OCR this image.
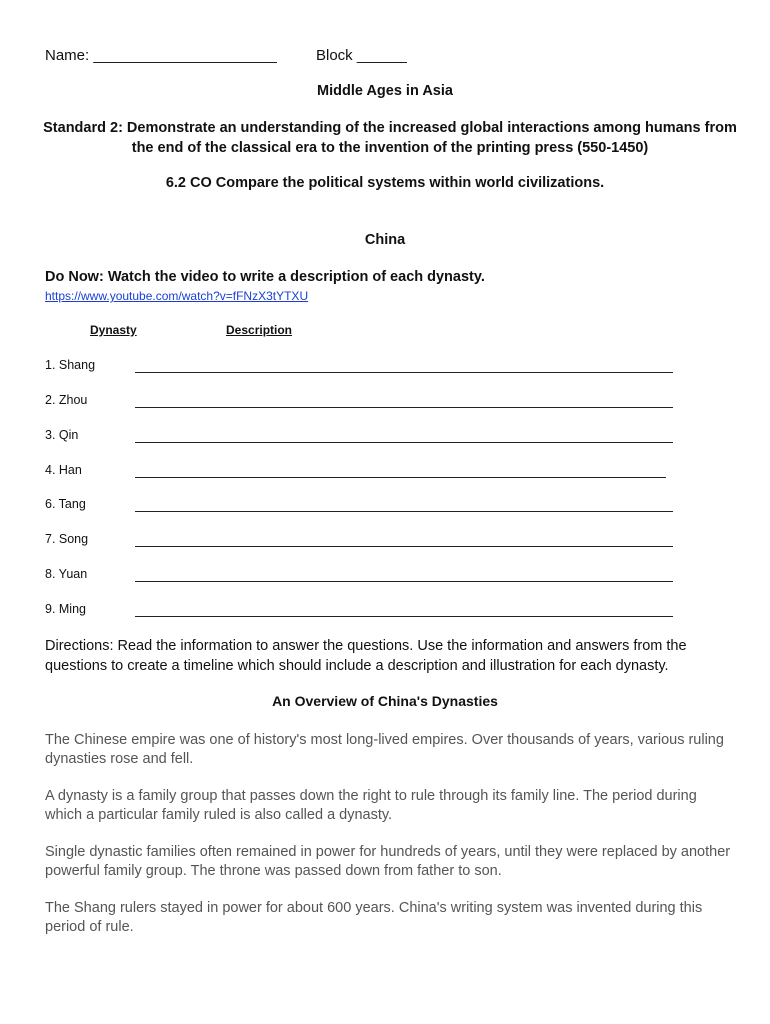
Name: ______________________	Block ______
Middle Ages in Asia
Standard 2: Demonstrate an understanding of the increased global interactions among humans from the end of the classical era to the invention of the printing press (550-1450)
6.2 CO Compare the political systems within world civilizations.
China
Do Now: Watch the video to write a description of each dynasty.
https://www.youtube.com/watch?v=fFNzX3tYTXU
Dynasty	Description
1. Shang
2. Zhou
3. Qin
4. Han
6. Tang
7. Song
8. Yuan
9. Ming
Directions: Read the information to answer the questions. Use the information and answers from the questions to create a timeline which should include a description and illustration for each dynasty.
An Overview of China's Dynasties
The Chinese empire was one of history's most long-lived empires. Over thousands of years, various ruling dynasties rose and fell.
A dynasty is a family group that passes down the right to rule through its family line. The period during which a particular family ruled is also called a dynasty.
Single dynastic families often remained in power for hundreds of years, until they were replaced by another powerful family group. The throne was passed down from father to son.
The Shang rulers stayed in power for about 600 years. China's writing system was invented during this period of rule.
